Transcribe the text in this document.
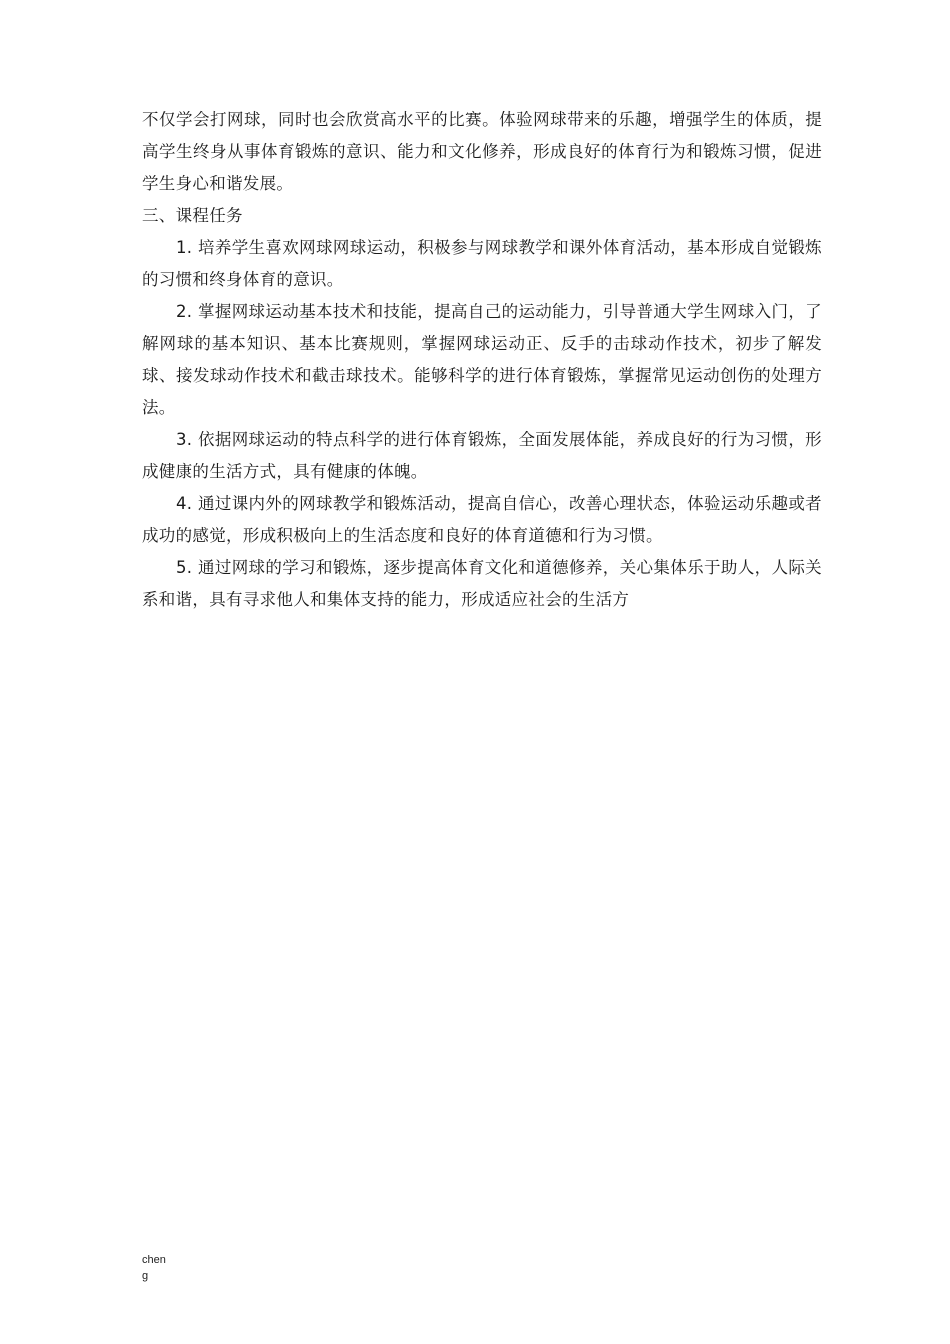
不仅学会打网球，同时也会欣赏高水平的比赛。体验网球带来的乐趣，增强学生的体质，提高学生终身从事体育锻炼的意识、能力和文化修养，形成良好的体育行为和锻炼习惯，促进学生身心和谐发展。

三、课程任务

1. 培养学生喜欢网球网球运动，积极参与网球教学和课外体育活动，基本形成自觉锻炼的习惯和终身体育的意识。

2. 掌握网球运动基本技术和技能，提高自己的运动能力，引导普通大学生网球入门，了解网球的基本知识、基本比赛规则，掌握网球运动正、反手的击球动作技术，初步了解发球、接发球动作技术和截击球技术。能够科学的进行体育锻炼，掌握常见运动创伤的处理方法。

3. 依据网球运动的特点科学的进行体育锻炼，全面发展体能，养成良好的行为习惯，形成健康的生活方式，具有健康的体魄。

4. 通过课内外的网球教学和锻炼活动，提高自信心，改善心理状态，体验运动乐趣或者成功的感觉，形成积极向上的生活态度和良好的体育道德和行为习惯。

5. 通过网球的学习和锻炼，逐步提高体育文化和道德修养，关心集体乐于助人，人际关系和谐，具有寻求他人和集体支持的能力，形成适应社会的生活方

chen
g
